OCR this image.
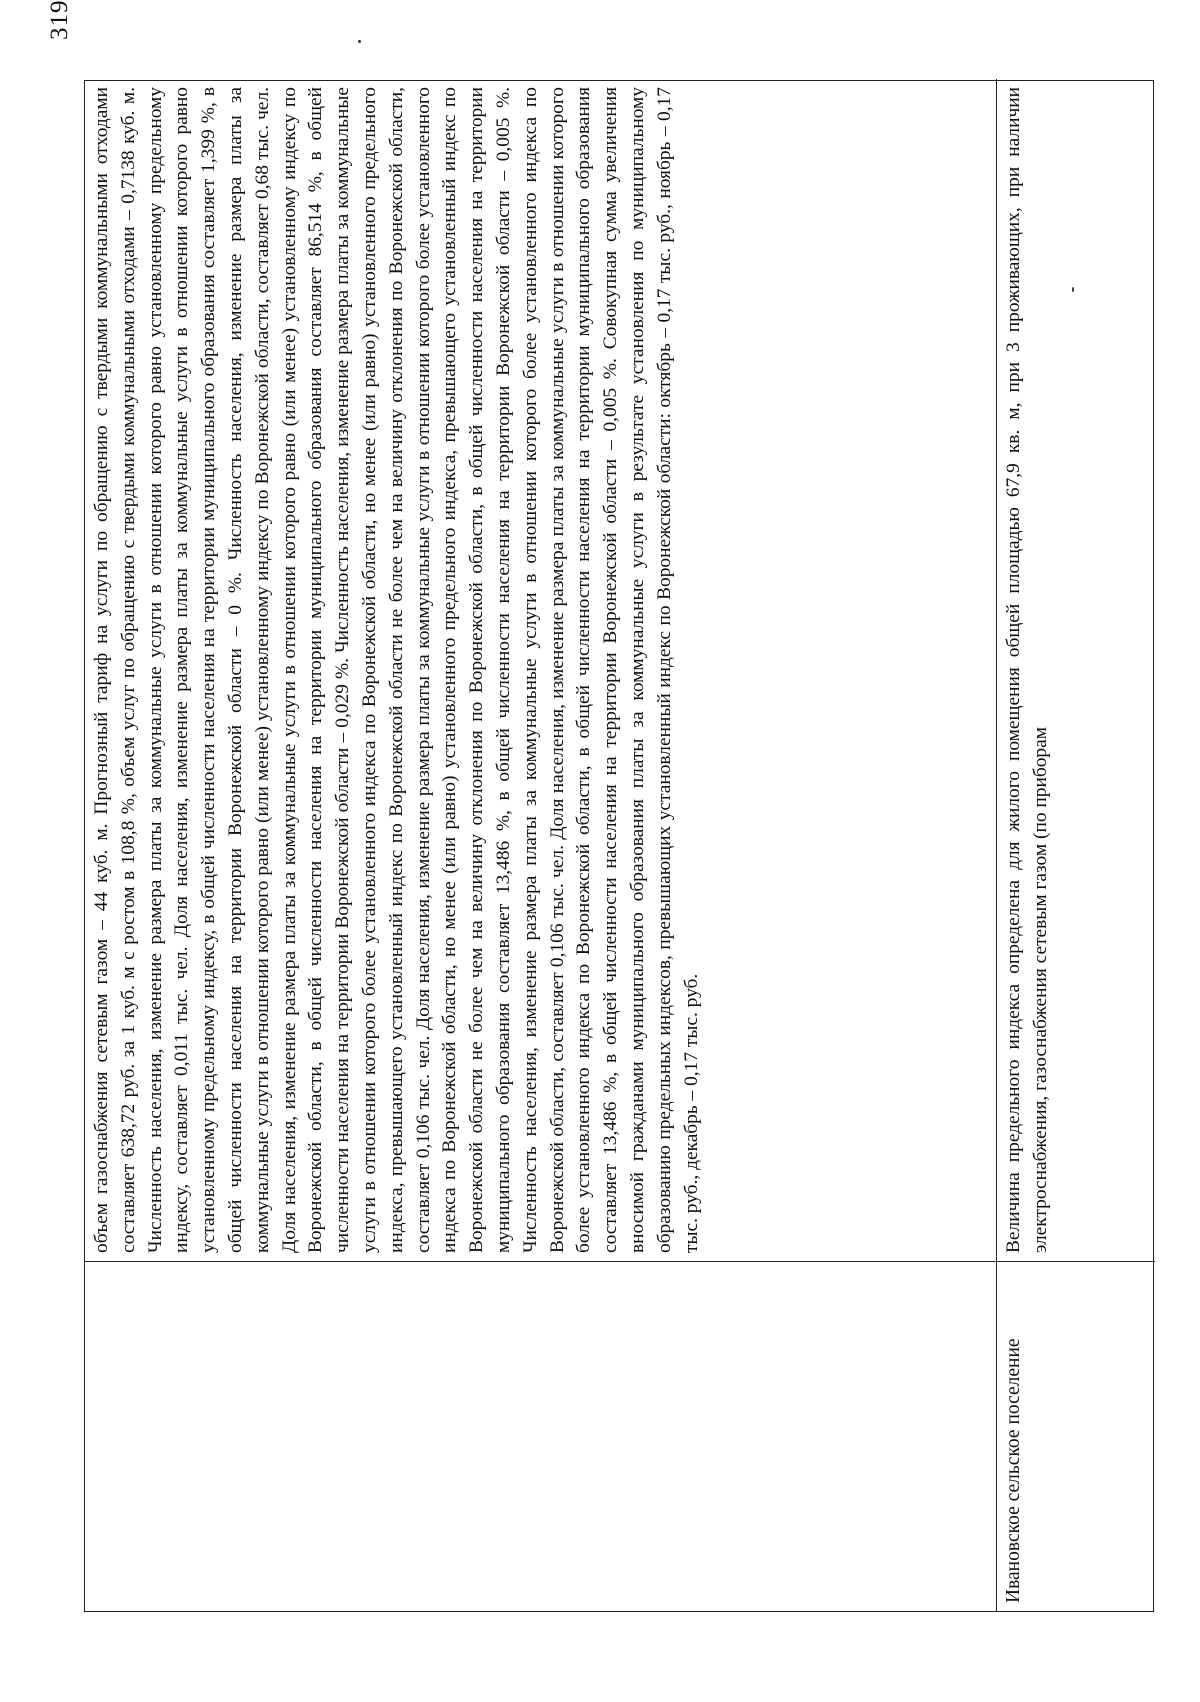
319
объем газоснабжения сетевым газом – 44 куб. м. Прогнозный тариф на услуги по обращению с твердыми коммунальными отходами составляет 638,72 руб. за 1 куб. м с ростом в 108,8 %, объем услуг по обращению с твердыми коммунальными отходами – 0,7138 куб. м. Численность населения, изменение размера платы за коммунальные услуги в отношении которого равно установленному предельному индексу, составляет 0,011 тыс. чел. Доля населения, изменение размера платы за коммунальные услуги в отношении которого равно установленному предельному индексу, в общей численности населения на территории муниципального образования составляет 1,399 %, в общей численности населения на территории Воронежской области – 0 %. Численность населения, изменение размера платы за коммунальные услуги в отношении которого равно (или менее) установленному индексу по Воронежской области, составляет 0,68 тыс. чел. Доля населения, изменение размера платы за коммунальные услуги в отношении которого равно (или менее) установленному индексу по Воронежской области, в общей численности населения на территории муниципального образования составляет 86,514 %, в общей численности населения на территории Воронежской области – 0,029 %. Численность населения, изменение размера платы за коммунальные услуги в отношении которого более установленного индекса по Воронежской области, но менее (или равно) установленного предельного индекса, превышающего установленный индекс по Воронежской области не более чем на величину отклонения по Воронежской области, составляет 0,106 тыс. чел. Доля населения, изменение размера платы за коммунальные услуги в отношении которого более установленного индекса по Воронежской области, но менее (или равно) установленного предельного индекса, превышающего установленный индекс по Воронежской области не более чем на величину отклонения по Воронежской области, в общей численности населения на территории муниципального образования составляет 13,486 %, в общей численности населения на территории Воронежской области – 0,005 %. Численность населения, изменение размера платы за коммунальные услуги в отношении которого более установленного индекса по Воронежской области, составляет 0,106 тыс. чел. Доля населения, изменение размера платы за коммунальные услуги в отношении которого более установленного индекса по Воронежской области, в общей численности населения на территории муниципального образования составляет 13,486 %, в общей численности населения на территории Воронежской области – 0,005 %. Совокупная сумма увеличения вносимой гражданами муниципального образования платы за коммунальные услуги в результате установления по муниципальному образованию предельных индексов, превышающих установленный индекс по Воронежской области: октябрь – 0,17 тыс. руб., ноябрь – 0,17 тыс. руб., декабрь – 0,17 тыс. руб.
Ивановское сельское поселение
Величина предельного индекса определена для жилого помещения общей площадью 67,9 кв. м, при 3 проживающих, при наличии электроснабжения, газоснабжения сетевым газом (по приборам
